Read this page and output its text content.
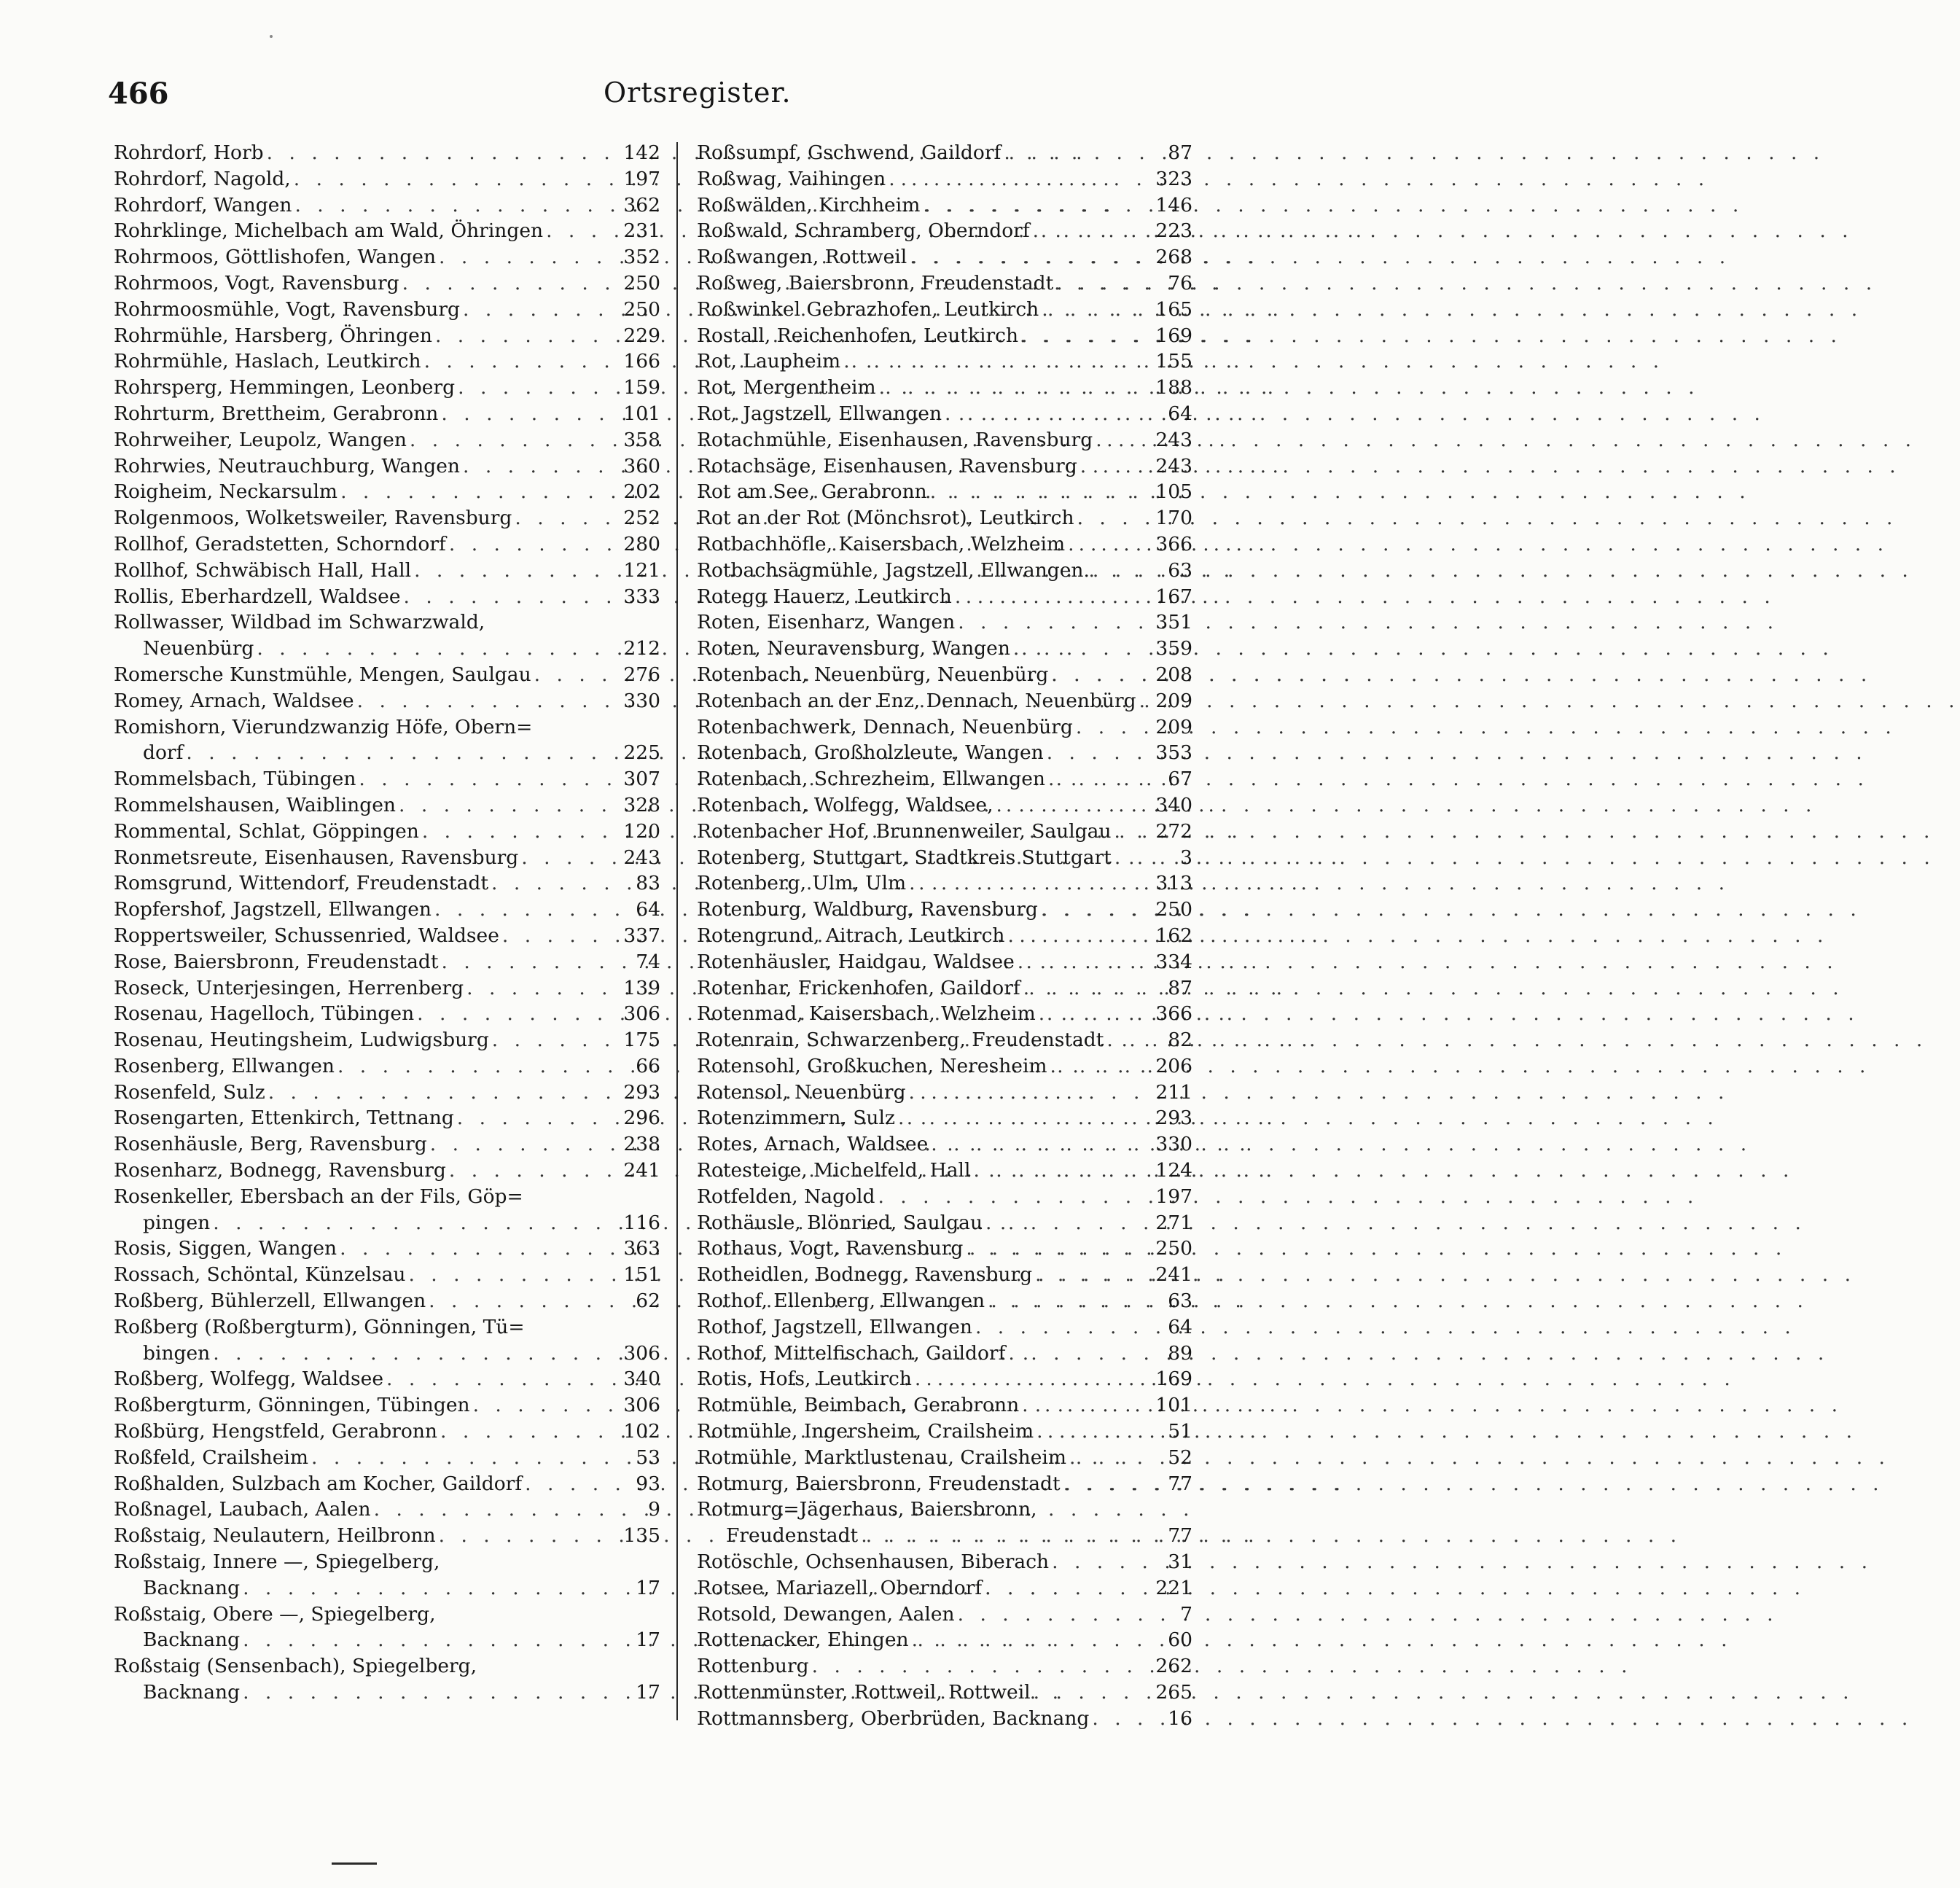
466	Ortsregister.
Rohrdorf, Horb . . .	142
Rohrdorf, Nagold, . . .	197
Rohrdorf, Wangen . . .	362
Rohrklinge, Michelbach am Wald, Öhringen . . .	231
Rohrmoos, Göttlishofen, Wangen . . .	352
Rohrmoos, Vogt, Ravensburg . . .	250
Rohrmoosmühle, Vogt, Ravensburg . . .	250
Rohrmühle, Harsberg, Öhringen . . .	229
Rohrmühle, Haslach, Leutkirch . . .	166
Rohrsperg, Hemmingen, Leonberg . . .	159
Rohrturm, Brettheim, Gerabronn . . .	101
Rohrweiher, Leupolz, Wangen . . .	358
Rohrwies, Neutrauchburg, Wangen . . .	360
Roigheim, Neckarsulm . . .	202
Rolgenmoos, Wolketsweiler, Ravensburg . . .	252
Rollhof, Geradstetten, Schorndorf . . .	280
Rollhof, Schwäbisch Hall, Hall . . .	121
Rollis, Eberhardzell, Waldsee . . .	333
Rollwasser, Wildbad im Schwarzwald,
Neuenbürg . . .	212
Romersche Kunstmühle, Mengen, Saulgau . . .	276
Romey, Arnach, Waldsee . . .	330
Romishorn, Vierundzwanzig Höfe, Obern=
dorf . . .	225
Rommelsbach, Tübingen . . .	307
Rommelshausen, Waiblingen . . .	328
Rommental, Schlat, Göppingen . . .	120
Ronmetsreute, Eisenhausen, Ravensburg . . .	243
Romsgrund, Wittendorf, Freudenstadt . . .	83
Ropfershof, Jagstzell, Ellwangen . . .	64
Roppertsweiler, Schussenried, Waldsee . . .	337
Rose, Baiersbronn, Freudenstadt . . .	74
Roseck, Unterjesingen, Herrenberg . . .	139
Rosenau, Hagelloch, Tübingen . . .	306
Rosenau, Heutingsheim, Ludwigsburg . . .	175
Rosenberg, Ellwangen . . .	66
Rosenfeld, Sulz . . .	293
Rosengarten, Ettenkirch, Tettnang . . .	296
Rosenhäusle, Berg, Ravensburg . . .	238
Rosenharz, Bodnegg, Ravensburg . . .	241
Rosenkeller, Ebersbach an der Fils, Göp=
pingen . . .	116
Rosis, Siggen, Wangen . . .	363
Rossach, Schöntal, Künzelsau . . .	151
Roßberg, Bühlerzell, Ellwangen . . .	62
Roßberg (Roßbergturm), Gönningen, Tü=
bingen . . .	306
Roßberg, Wolfegg, Waldsee . . .	340
Roßbergturm, Gönningen, Tübingen . . .	306
Roßbürg, Hengstfeld, Gerabronn . . .	102
Roßfeld, Crailsheim . . .	53
Roßhalden, Sulzbach am Kocher, Gaildorf . . .	93
Roßnagel, Laubach, Aalen . . .	9
Roßstaig, Neulautern, Heilbronn . . .	135
Roßstaig, Innere —, Spiegelberg,
Backnang . . .	17
Roßstaig, Obere —, Spiegelberg,
Backnang . . .	17
Roßstaig (Sensenbach), Spiegelberg,
Backnang . . .	17
Roßsumpf, Gschwend, Gaildorf . . .	87
Roßwag, Vaihingen . . .	323
Roßwälden, Kirchheim . . .	146
Roßwald, Schramberg, Oberndorf . . .	223
Roßwangen, Rottweil . . .	268
Roßweg, Baiersbronn, Freudenstadt . . .	76
Roßwinkel Gebrazhofen, Leutkirch . . .	165
Rostall, Reichenhofen, Leutkirch . . .	169
Rot, Laupheim . . .	155
Rot, Mergentheim . . .	188
Rot, Jagstzell, Ellwangen . . .	64
Rotachmühle, Eisenhausen, Ravensburg . . .	243
Rotachsäge, Eisenhausen, Ravensburg . . .	243
Rot am See, Gerabronn . . .	105
Rot an der Rot (Mönchsrot), Leutkirch . . .	170
Rotbachhöfle, Kaisersbach, Welzheim . . .	366
Rotbachsägmühle, Jagstzell, Ellwangen. . . .	63
Rotegg Hauerz, Leutkirch . . .	167
Roten, Eisenharz, Wangen . . .	351
Roten, Neuravensburg, Wangen . . .	359
Rotenbach, Neuenbürg, Neuenbürg . . .	208
Rotenbach an der Enz, Dennach, Neuenbürg . . . 209
Rotenbachwerk, Dennach, Neuenbürg . . .	209
Rotenbach, Großholzleute, Wangen . . .	353
Rotenbach, Schrezheim, Ellwangen . . .	67
Rotenbach, Wolfegg, Waldsee, . . .	340
Rotenbacher Hof, Brunnenweiler, Saulgau . . . 272
Rotenberg, Stuttgart, Stadtkreis Stuttgart . . .	3
Rotenberg, Ulm, Ulm . . .	313
Rotenburg, Waldburg, Ravensburg . . .	250
Rotengrund, Aitrach, Leutkirch . . .	162
Rotenhäusler, Haidgau, Waldsee . . .	334
Rotenhar, Frickenhofen, Gaildorf . . .	87
Rotenmad, Kaisersbach, Welzheim . . .	366
Rotenrain, Schwarzenberg, Freudenstadt . . .	82
Rotensohl, Großkuchen, Neresheim . . .	206
Rotensol, Neuenbürg . . .	211
Rotenzimmern, Sulz . . .	293
Rotes, Arnach, Waldsee . . .	330
Rotesteige, Michelfeld, Hall . . .	124
Rotfelden, Nagold . . .	197
Rothäusle, Blönried, Saulgau . . .	271
Rothaus, Vogt, Ravensburg . . .	250
Rotheidlen, Bodnegg, Ravensburg . . .	241
Rothof, Ellenberg, Ellwangen . . .	63
Rothof, Jagstzell, Ellwangen . . .	64
Rothof, Mittelfischach, Gaildorf . . .	89
Rotis, Hofs, Leutkirch . . .	169
Rotmühle, Beimbach, Gerabronn . . .	101
Rotmühle, Ingersheim, Crailsheim . . .	51
Rotmühle, Marktlustenau, Crailsheim . . .	52
Rotmurg, Baiersbronn, Freudenstadt . . .	77
Rotmurg=Jägerhaus, Baiersbronn,
Freudenstadt . . .	77
Rotöschle, Ochsenhausen, Biberach . . .	31
Rotsee, Mariazell, Oberndorf . . .	221
Rotsold, Dewangen, Aalen . . .	7
Rottenacker, Ehingen . . .	60
Rottenburg . . .	262
Rottenmünster, Rottweil, Rottweil . . .	265
Rottmannsberg, Oberbrüden, Backnang . . .	16
